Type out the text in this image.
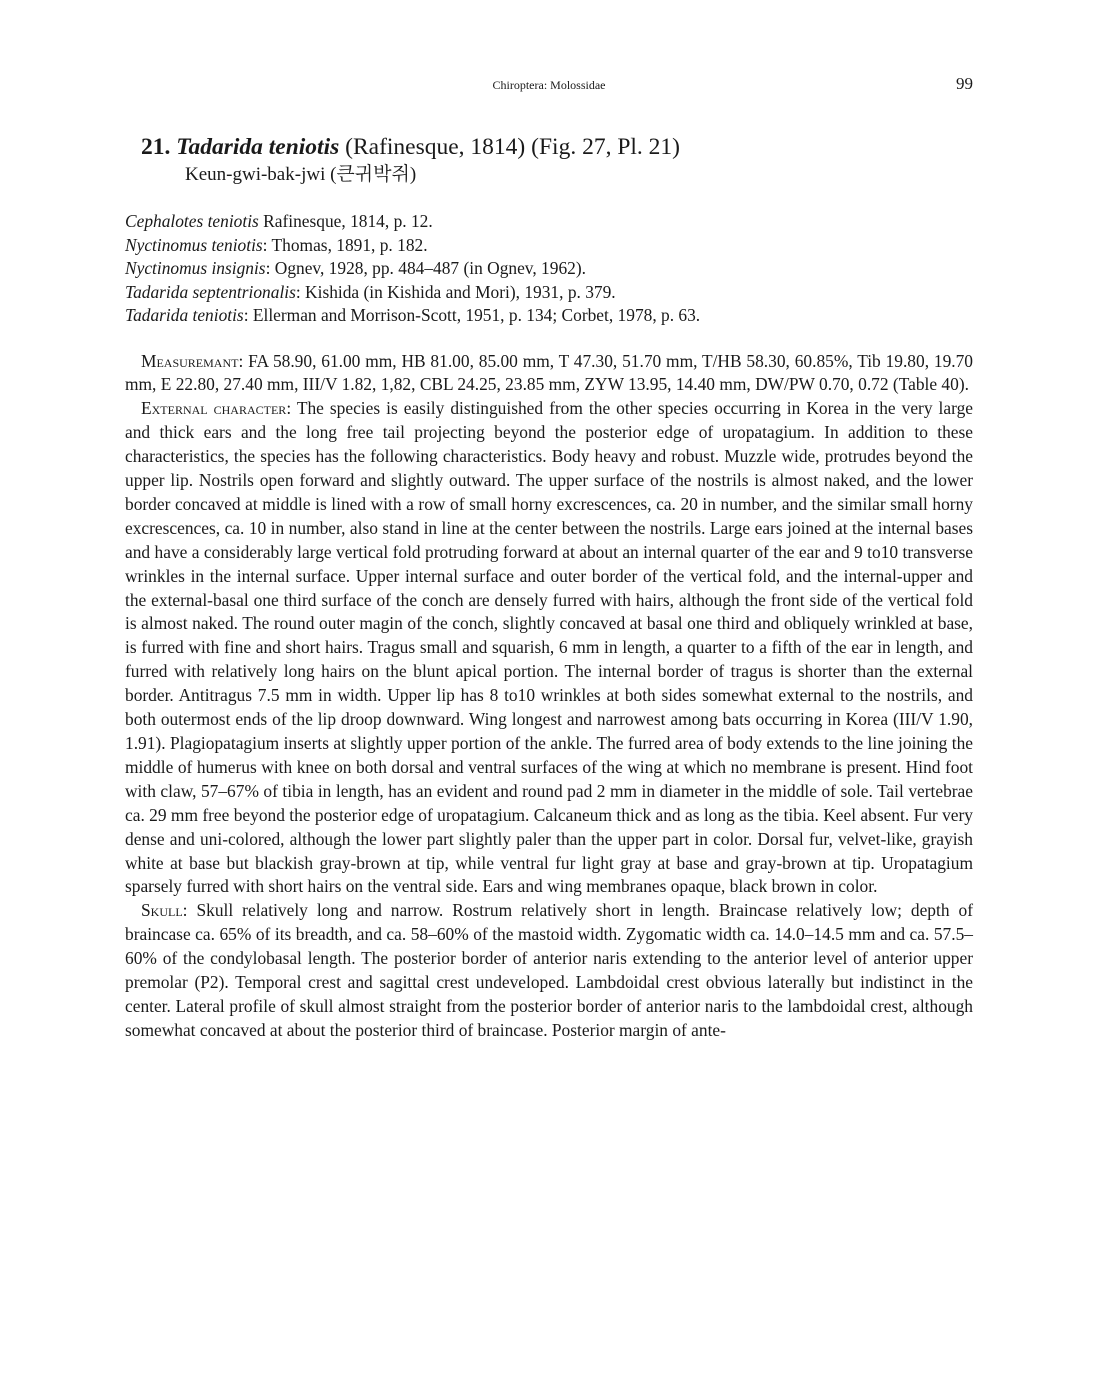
Chiroptera: Molossidae	99
21. Tadarida teniotis (Rafinesque, 1814) (Fig. 27, Pl. 21)
Keun-gwi-bak-jwi (큰귀박쥐)
Cephalotes teniotis Rafinesque, 1814, p. 12.
Nyctinomus teniotis: Thomas, 1891, p. 182.
Nyctinomus insignis: Ognev, 1928, pp. 484–487 (in Ognev, 1962).
Tadarida septentrionalis: Kishida (in Kishida and Mori), 1931, p. 379.
Tadarida teniotis: Ellerman and Morrison-Scott, 1951, p. 134; Corbet, 1978, p. 63.

Measuremant: FA 58.90, 61.00 mm, HB 81.00, 85.00 mm, T 47.30, 51.70 mm, T/HB 58.30, 60.85%, Tib 19.80, 19.70 mm, E 22.80, 27.40 mm, III/V 1.82, 1,82, CBL 24.25, 23.85 mm, ZYW 13.95, 14.40 mm, DW/PW 0.70, 0.72 (Table 40).

External character: The species is easily distinguished from the other species occurring in Korea in the very large and thick ears and the long free tail projecting beyond the posterior edge of uropatagium. In addition to these characteristics, the species has the following characteristics. Body heavy and robust. Muzzle wide, protrudes beyond the upper lip. Nostrils open forward and slightly outward. The upper surface of the nostrils is almost naked, and the lower border concaved at middle is lined with a row of small horny excrescences, ca. 20 in number, and the similar small horny excrescences, ca. 10 in number, also stand in line at the center between the nostrils. Large ears joined at the internal bases and have a considerably large vertical fold protruding forward at about an internal quarter of the ear and 9 to10 transverse wrinkles in the internal surface. Upper internal surface and outer border of the vertical fold, and the internal-upper and the external-basal one third surface of the conch are densely furred with hairs, although the front side of the vertical fold is almost naked. The round outer magin of the conch, slightly concaved at basal one third and obliquely wrinkled at base, is furred with fine and short hairs. Tragus small and squarish, 6 mm in length, a quarter to a fifth of the ear in length, and furred with relatively long hairs on the blunt apical portion. The internal border of tragus is shorter than the external border. Antitragus 7.5 mm in width. Upper lip has 8 to10 wrinkles at both sides somewhat external to the nostrils, and both outermost ends of the lip droop downward. Wing longest and narrowest among bats occurring in Korea (III/V 1.90, 1.91). Plagiopatagium inserts at slightly upper portion of the ankle. The furred area of body extends to the line joining the middle of humerus with knee on both dorsal and ventral surfaces of the wing at which no membrane is present. Hind foot with claw, 57–67% of tibia in length, has an evident and round pad 2 mm in diameter in the middle of sole. Tail vertebrae ca. 29 mm free beyond the posterior edge of uropatagium. Calcaneum thick and as long as the tibia. Keel absent. Fur very dense and uni-colored, although the lower part slightly paler than the upper part in color. Dorsal fur, velvet-like, grayish white at base but blackish gray-brown at tip, while ventral fur light gray at base and gray-brown at tip. Uropatagium sparsely furred with short hairs on the ventral side. Ears and wing membranes opaque, black brown in color.

Skull: Skull relatively long and narrow. Rostrum relatively short in length. Braincase relatively low; depth of braincase ca. 65% of its breadth, and ca. 58–60% of the mastoid width. Zygomatic width ca. 14.0–14.5 mm and ca. 57.5–60% of the condylobasal length. The posterior border of anterior naris extending to the anterior level of anterior upper premolar (P2). Temporal crest and sagittal crest undeveloped. Lambdoidal crest obvious laterally but indistinct in the center. Lateral profile of skull almost straight from the posterior border of anterior naris to the lambdoidal crest, although somewhat concaved at about the posterior third of braincase. Posterior margin of ante-
